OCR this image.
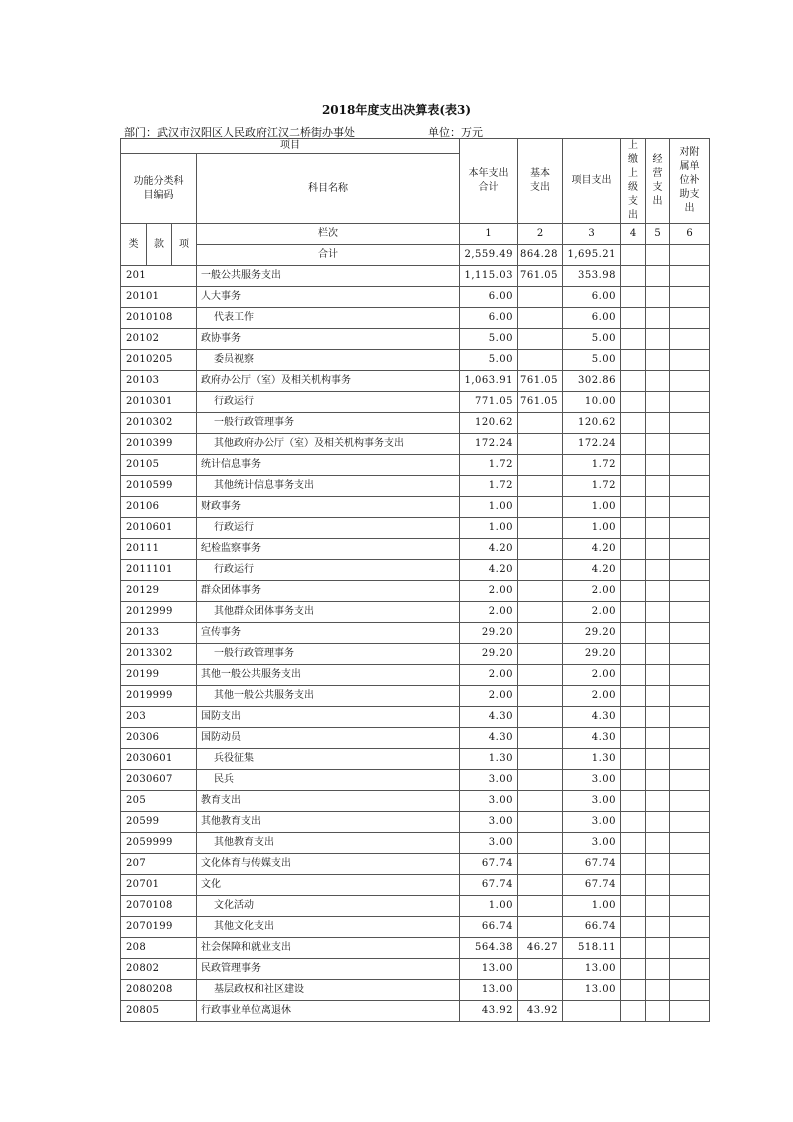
2018年度支出决算表(表3)
部门：武汉市汉阳区人民政府江汉二桥街办事处	单位：万元
项目				本年支出合计	基本支出	项目支出	上缴上级支出	经营支出	对附属单位补助支出
功能分类科目编码			科目名称						
类	款	项	栏次	1	2	3	4	5	6
			合计	2,559.49	864.28	1,695.21			
201			一般公共服务支出	1,115.03	761.05	353.98			
20101			人大事务	6.00		6.00			
2010108			代表工作	6.00		6.00			
20102			政协事务	5.00		5.00			
2010205			委员视察	5.00		5.00			
20103			政府办公厅（室）及相关机构事务	1,063.91	761.05	302.86			
2010301			行政运行	771.05	761.05	10.00			
2010302			一般行政管理事务	120.62		120.62			
2010399			其他政府办公厅（室）及相关机构事务支出	172.24		172.24			
20105			统计信息事务	1.72		1.72			
2010599			其他统计信息事务支出	1.72		1.72			
20106			财政事务	1.00		1.00			
2010601			行政运行	1.00		1.00			
20111			纪检监察事务	4.20		4.20			
2011101			行政运行	4.20		4.20			
20129			群众团体事务	2.00		2.00			
2012999			其他群众团体事务支出	2.00		2.00			
20133			宣传事务	29.20		29.20			
2013302			一般行政管理事务	29.20		29.20			
20199			其他一般公共服务支出	2.00		2.00			
2019999			其他一般公共服务支出	2.00		2.00			
203			国防支出	4.30		4.30			
20306			国防动员	4.30		4.30			
2030601			兵役征集	1.30		1.30			
2030607			民兵	3.00		3.00			
205			教育支出	3.00		3.00			
20599			其他教育支出	3.00		3.00			
2059999			其他教育支出	3.00		3.00			
207			文化体育与传媒支出	67.74		67.74			
20701			文化	67.74		67.74			
2070108			文化活动	1.00		1.00			
2070199			其他文化支出	66.74		66.74			
208			社会保障和就业支出	564.38	46.27	518.11			
20802			民政管理事务	13.00		13.00			
2080208			基层政权和社区建设	13.00		13.00			
20805			行政事业单位离退休	43.92	43.92				
